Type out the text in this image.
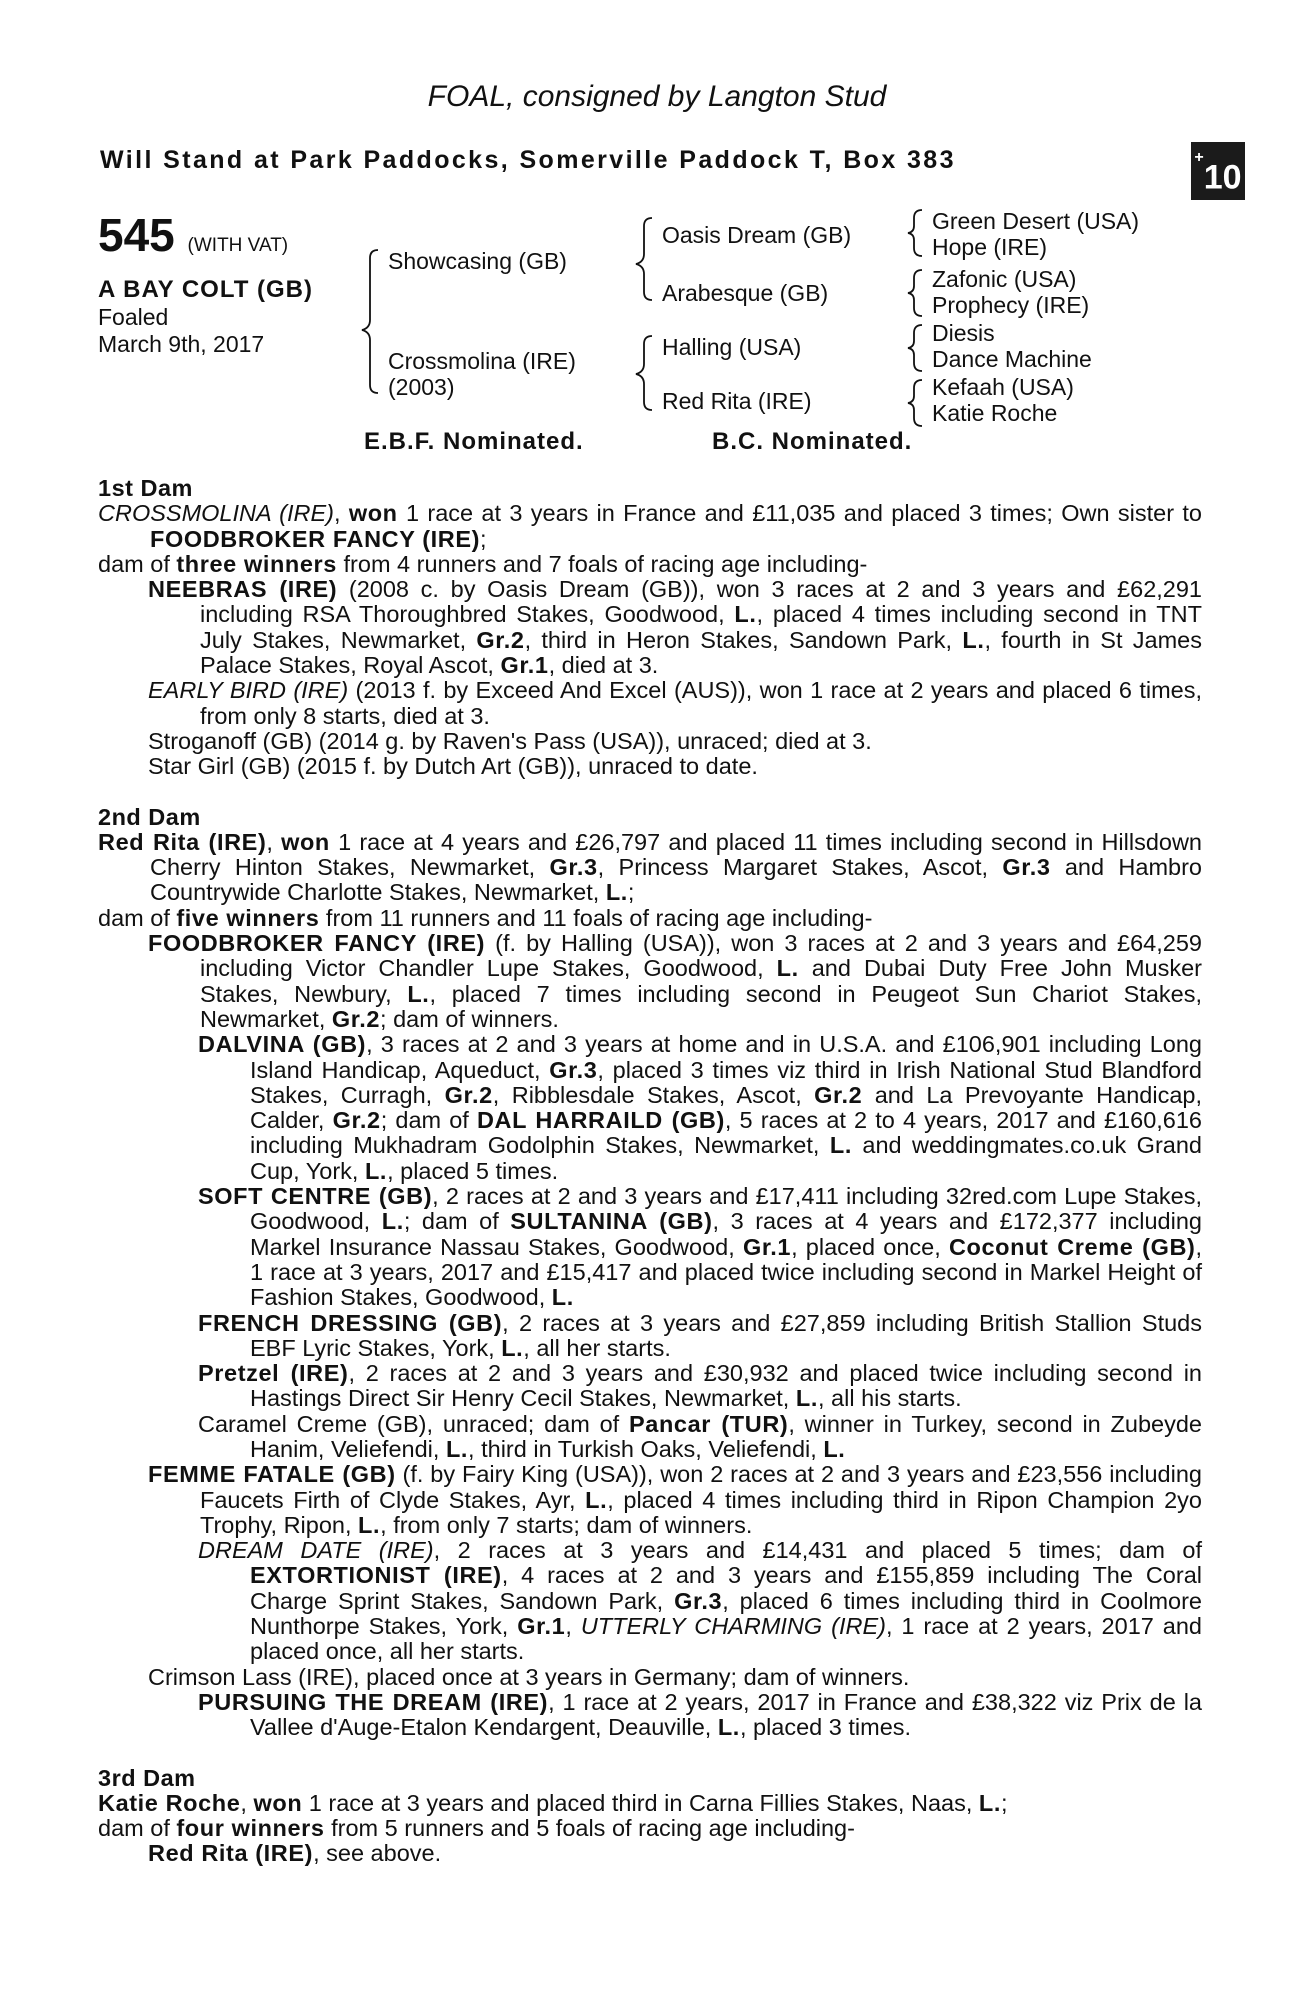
FOAL, consigned by Langton Stud
Will Stand at Park Paddocks, Somerville Paddock T, Box 383	+10
545 (WITH VAT)
A BAY COLT (GB)
Foaled
March 9th, 2017
Showcasing (GB)
Crossmolina (IRE)
(2003)
Oasis Dream (GB)
Arabesque (GB)
Halling (USA)
Red Rita (IRE)
Green Desert (USA)
Hope (IRE)
Zafonic (USA)
Prophecy (IRE)
Diesis
Dance Machine
Kefaah (USA)
Katie Roche
E.B.F. Nominated.	B.C. Nominated.
1st Dam

CROSSMOLINA (IRE), won 1 race at 3 years in France and £11,035 and placed 3 times; Own sister to FOODBROKER FANCY (IRE);

dam of three winners from 4 runners and 7 foals of racing age including-

NEEBRAS (IRE) (2008 c. by Oasis Dream (GB)), won 3 races at 2 and 3 years and £62,291 including RSA Thoroughbred Stakes, Goodwood, L., placed 4 times including second in TNT July Stakes, Newmarket, Gr.2, third in Heron Stakes, Sandown Park, L., fourth in St James Palace Stakes, Royal Ascot, Gr.1, died at 3.

EARLY BIRD (IRE) (2013 f. by Exceed And Excel (AUS)), won 1 race at 2 years and placed 6 times, from only 8 starts, died at 3.

Stroganoff (GB) (2014 g. by Raven's Pass (USA)), unraced; died at 3.

Star Girl (GB) (2015 f. by Dutch Art (GB)), unraced to date.

2nd Dam

Red Rita (IRE), won 1 race at 4 years and £26,797 and placed 11 times including second in Hillsdown Cherry Hinton Stakes, Newmarket, Gr.3, Princess Margaret Stakes, Ascot, Gr.3 and Hambro Countrywide Charlotte Stakes, Newmarket, L.;

dam of five winners from 11 runners and 11 foals of racing age including-

FOODBROKER FANCY (IRE) (f. by Halling (USA)), won 3 races at 2 and 3 years and £64,259 including Victor Chandler Lupe Stakes, Goodwood, L. and Dubai Duty Free John Musker Stakes, Newbury, L., placed 7 times including second in Peugeot Sun Chariot Stakes, Newmarket, Gr.2; dam of winners.

DALVINA (GB), 3 races at 2 and 3 years at home and in U.S.A. and £106,901 including Long Island Handicap, Aqueduct, Gr.3, placed 3 times viz third in Irish National Stud Blandford Stakes, Curragh, Gr.2, Ribblesdale Stakes, Ascot, Gr.2 and La Prevoyante Handicap, Calder, Gr.2; dam of DAL HARRAILD (GB), 5 races at 2 to 4 years, 2017 and £160,616 including Mukhadram Godolphin Stakes, Newmarket, L. and weddingmates.co.uk Grand Cup, York, L., placed 5 times.

SOFT CENTRE (GB), 2 races at 2 and 3 years and £17,411 including 32red.com Lupe Stakes, Goodwood, L.; dam of SULTANINA (GB), 3 races at 4 years and £172,377 including Markel Insurance Nassau Stakes, Goodwood, Gr.1, placed once, Coconut Creme (GB), 1 race at 3 years, 2017 and £15,417 and placed twice including second in Markel Height of Fashion Stakes, Goodwood, L.

FRENCH DRESSING (GB), 2 races at 3 years and £27,859 including British Stallion Studs EBF Lyric Stakes, York, L., all her starts.

Pretzel (IRE), 2 races at 2 and 3 years and £30,932 and placed twice including second in Hastings Direct Sir Henry Cecil Stakes, Newmarket, L., all his starts.

Caramel Creme (GB), unraced; dam of Pancar (TUR), winner in Turkey, second in Zubeyde Hanim, Veliefendi, L., third in Turkish Oaks, Veliefendi, L.

FEMME FATALE (GB) (f. by Fairy King (USA)), won 2 races at 2 and 3 years and £23,556 including Faucets Firth of Clyde Stakes, Ayr, L., placed 4 times including third in Ripon Champion 2yo Trophy, Ripon, L., from only 7 starts; dam of winners.

DREAM DATE (IRE), 2 races at 3 years and £14,431 and placed 5 times; dam of EXTORTIONIST (IRE), 4 races at 2 and 3 years and £155,859 including The Coral Charge Sprint Stakes, Sandown Park, Gr.3, placed 6 times including third in Coolmore Nunthorpe Stakes, York, Gr.1, UTTERLY CHARMING (IRE), 1 race at 2 years, 2017 and placed once, all her starts.

Crimson Lass (IRE), placed once at 3 years in Germany; dam of winners.

PURSUING THE DREAM (IRE), 1 race at 2 years, 2017 in France and £38,322 viz Prix de la Vallee d'Auge-Etalon Kendargent, Deauville, L., placed 3 times.

3rd Dam

Katie Roche, won 1 race at 3 years and placed third in Carna Fillies Stakes, Naas, L.;

dam of four winners from 5 runners and 5 foals of racing age including-

Red Rita (IRE), see above.
